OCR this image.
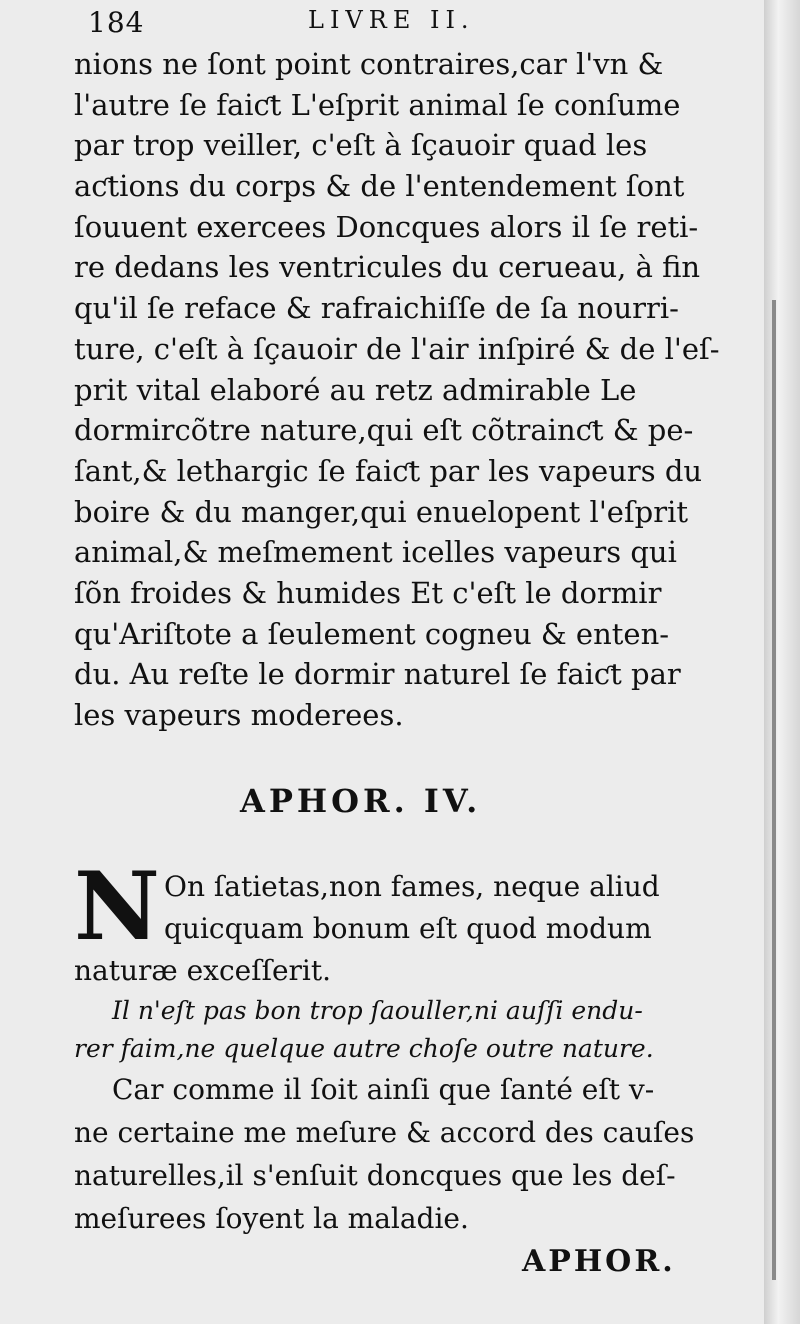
184	LIVRE II.
nions ne ſont point contraires,car l'vn &
l'autre ſe faiƈt L'eſprit animal ſe conſume
par trop veiller, c'eſt à ſçauoir quad les
aƈtions du corps & de l'entendement ſont
ſouuent exercees Doncques alors il ſe reti-
re dedans les ventricules du cerueau, à fin
qu'il ſe reface & rafraichiſſe de ſa nourri-
ture, c'eſt à ſçauoir de l'air inſpiré & de l'eſ-
prit vital elaboré au retz admirable Le
dormircõtre nature,qui eſt cõtrainƈt & pe-
ſant,& lethargic ſe faiƈt par les vapeurs du
boire & du manger,qui enuelopent l'eſprit
animal,& meſmement icelles vapeurs qui
ſõn froides & humides Et c'eſt le dormir
qu'Ariſtote a ſeulement cogneu & enten-
du. Au reſte le dormir naturel ſe faiƈt par
les vapeurs moderees.
APHOR. IV.
N On ſatietas,non fames, neque aliud
quicquam bonum eſt quod modum
naturæ exceſſerit.
Il n'eſt pas bon trop ſaouller,ni auſſi endu-
rer faim,ne quelque autre choſe outre nature.
Car comme il ſoit ainſi que ſanté eſt v-
ne certaine me meſure & accord des cauſes
naturelles,il s'enſuit doncques que les deſ-
meſurees ſoyent la maladie.
APHOR.
